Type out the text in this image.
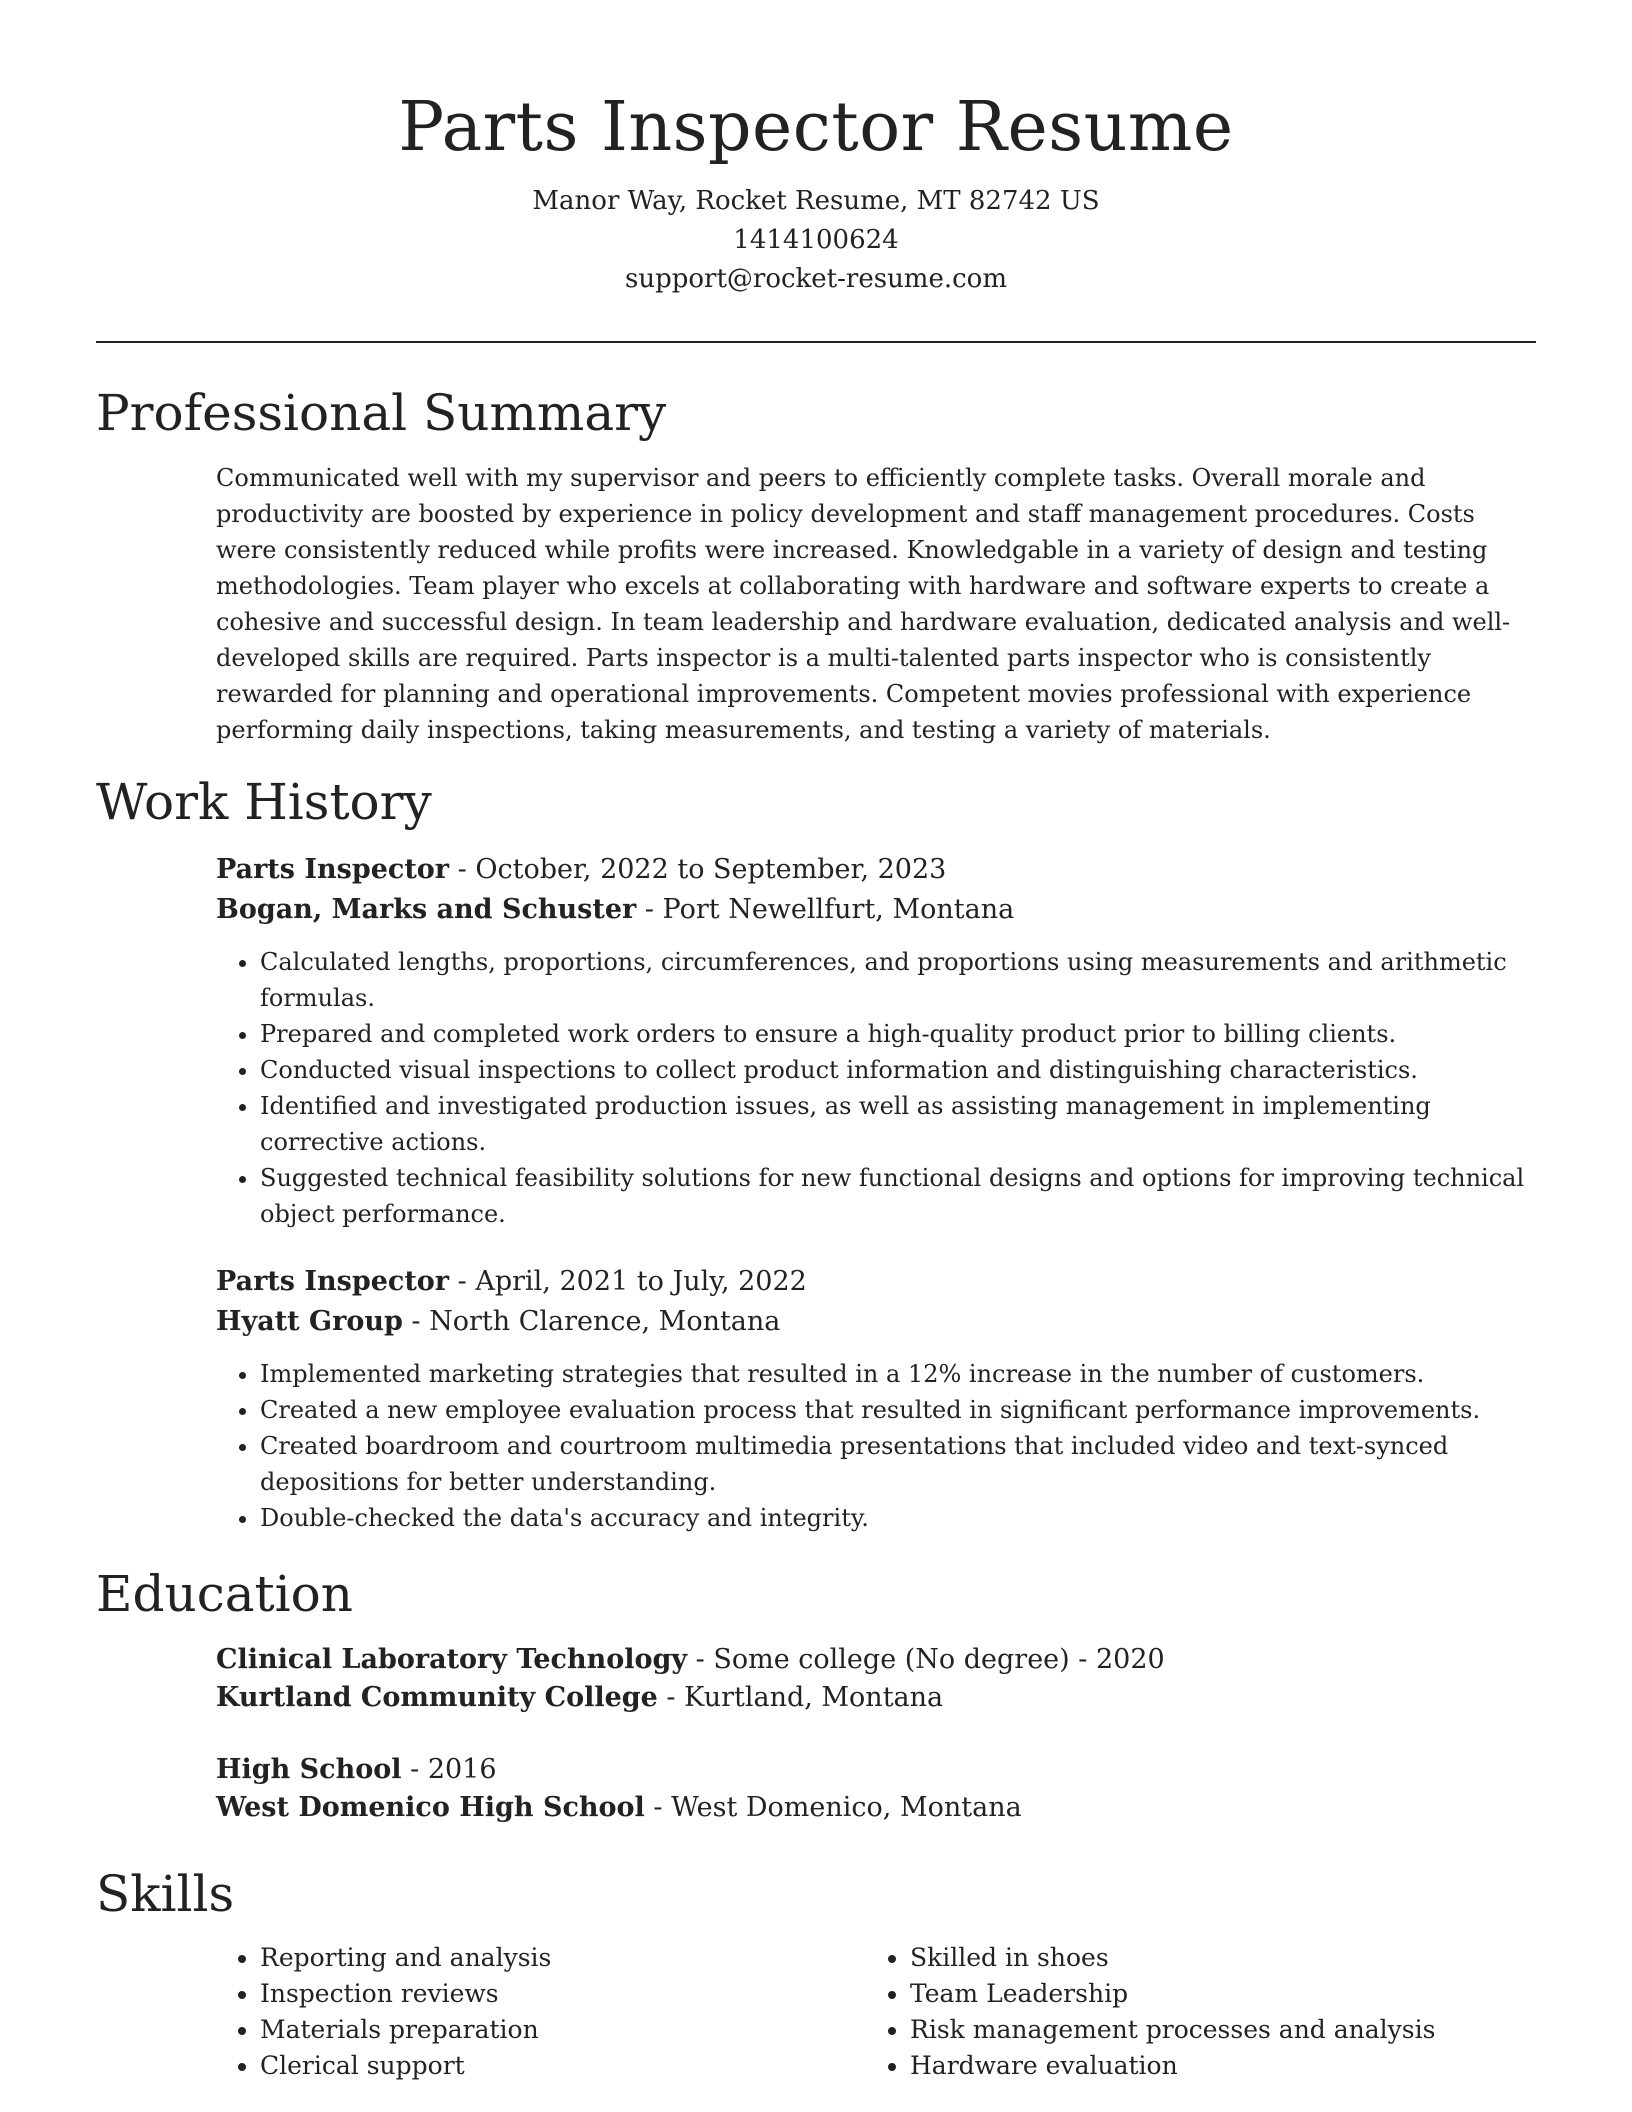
Parts Inspector Resume
Manor Way, Rocket Resume, MT 82742 US
1414100624
support@rocket-resume.com
Professional Summary
Communicated well with my supervisor and peers to efficiently complete tasks. Overall morale and productivity are boosted by experience in policy development and staff management procedures. Costs were consistently reduced while profits were increased. Knowledgable in a variety of design and testing methodologies. Team player who excels at collaborating with hardware and software experts to create a cohesive and successful design. In team leadership and hardware evaluation, dedicated analysis and well-developed skills are required. Parts inspector is a multi-talented parts inspector who is consistently rewarded for planning and operational improvements. Competent movies professional with experience performing daily inspections, taking measurements, and testing a variety of materials.
Work History
Parts Inspector - October, 2022 to September, 2023
Bogan, Marks and Schuster - Port Newellfurt, Montana
• Calculated lengths, proportions, circumferences, and proportions using measurements and arithmetic formulas.
• Prepared and completed work orders to ensure a high-quality product prior to billing clients.
• Conducted visual inspections to collect product information and distinguishing characteristics.
• Identified and investigated production issues, as well as assisting management in implementing corrective actions.
• Suggested technical feasibility solutions for new functional designs and options for improving technical object performance.
Parts Inspector - April, 2021 to July, 2022
Hyatt Group - North Clarence, Montana
• Implemented marketing strategies that resulted in a 12% increase in the number of customers.
• Created a new employee evaluation process that resulted in significant performance improvements.
• Created boardroom and courtroom multimedia presentations that included video and text-synced depositions for better understanding.
• Double-checked the data's accuracy and integrity.
Education
Clinical Laboratory Technology - Some college (No degree) - 2020
Kurtland Community College - Kurtland, Montana
High School - 2016
West Domenico High School - West Domenico, Montana
Skills
• Reporting and analysis
• Inspection reviews
• Materials preparation
• Clerical support
• Skilled in shoes
• Team Leadership
• Risk management processes and analysis
• Hardware evaluation
